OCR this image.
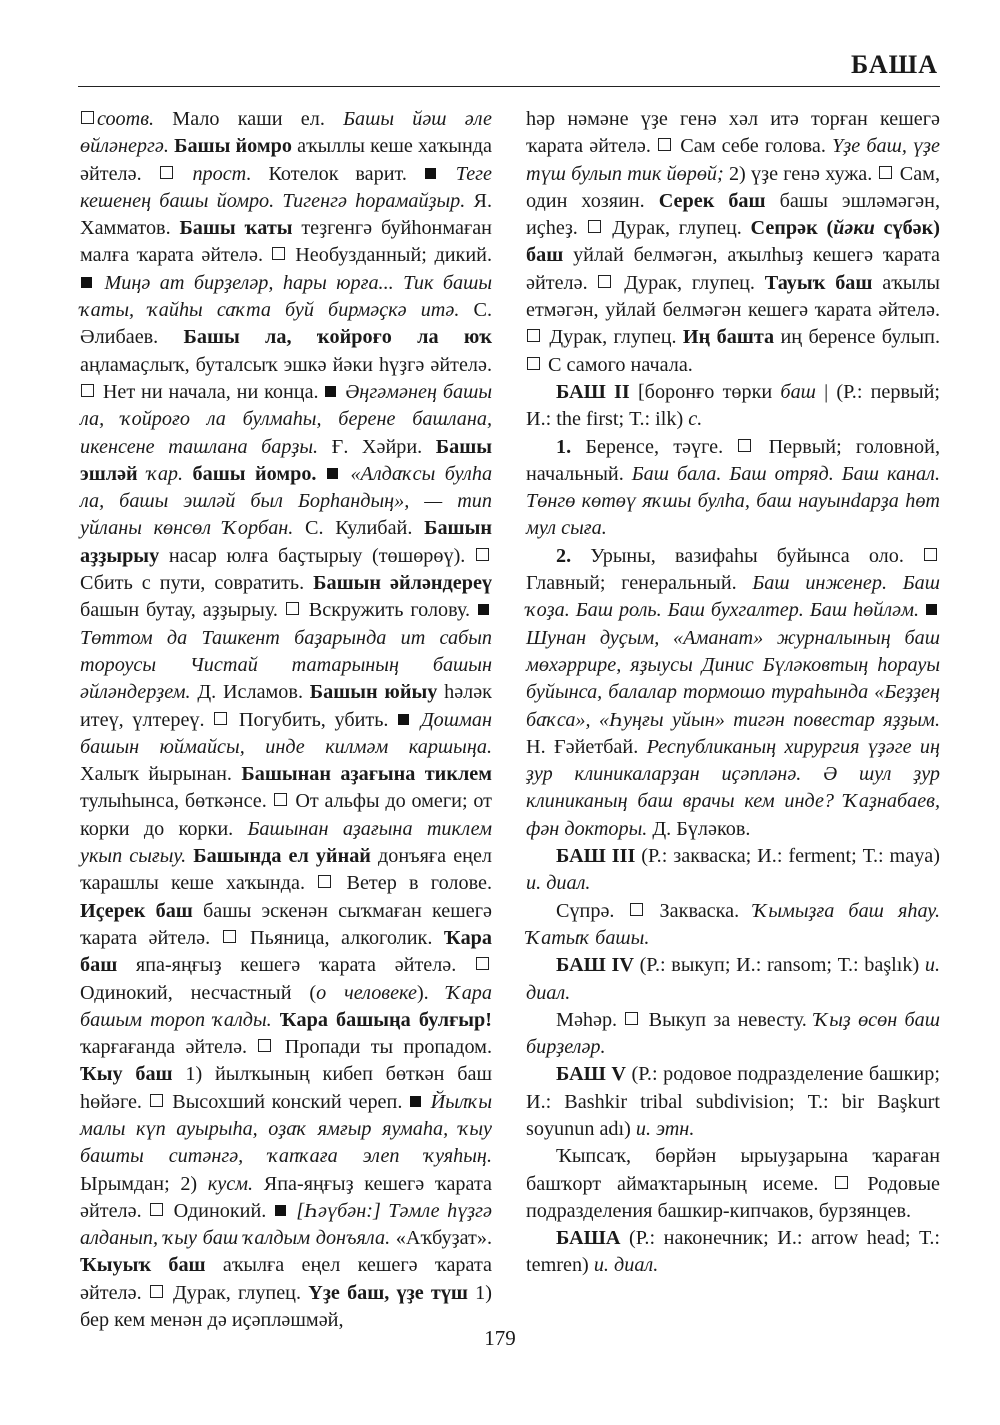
БАША

соотв. Мало каши ел. Башы йәш әле өйләнергә. Башы йомро аҡыллы кеше хаҡында әйтелә.  прост. Котелок варит.  Теге кешенең башы йомро. Тигенгә һорамайҙыр. Я. Хамматов. Башы ҡаты теҙгенгә буйһонмаған малға ҡарата әйтелә.  Необузданный; дикий.  Миңә ат бирҙеләр, һары юрға... Тик башы ҡаты, ҡайһы саҡта буй бирмәҫкә итә. С. Әлибаев. Башы ла, ҡойроғо ла юҡ аңламаҫлыҡ, буталсыҡ эшкә йәки һүҙгә әйтелә.  Нет ни начала, ни конца.  Әңгәмәнең башы ла, ҡойроғо ла булмаһы, берене башлана, икенсене ташлана барҙы. Ғ. Хәйри. Башы эшләй ҡар. башы йомро. «Алдаҡсы булһа ла, башы эшләй был Борһандың», — тип уйланы көнсөл Ҡорбан. С. Кулибай. Башын аҙҙырыу насар юлға баҫтырыу (төшөрөү).  Сбить с пути, совратить. Башын әйләндереү башын бутау, аҙҙырыу.  Вскружить голову.  Төттом да Ташкент баҙарында ит сабып тороусы Чистай татарының башын әйләндерҙем. Д. Исламов. Башын юйыу һәләк итеү, үлтереү.  Погубить, убить.  Дошман башын юймайсы, инде килмәм каршыңа. Халыҡ йырынан. Башынан аҙағына тиклем тулыһынса, бөткәнсе.  От альфы до омеги; от корки до корки. Башынан аҙағына тиклем укып сығыу. Башында ел уйнай донъяға еңел ҡарашлы кеше хаҡында.  Ветер в голове. Иҫерек баш башы эскенән сыҡмаған кешегә ҡарата әйтелә.  Пьяница, алкоголик. Ҡара баш япа-яңғыҙ кешегә ҡарата әйтелә.  Одинокий, несчастный (о человеке). Ҡара башым тороп ҡалды. Ҡара башыңа булғыр! ҡарғағанда әйтелә.  Пропади ты пропадом. Ҡыу баш 1) йылҡының кибеп бөткән баш һөйәге.  Высохший конский череп.  Йылҡы малы күп ауырыһа, оҙаҡ ямғыр яумаһа, ҡыу башты ситәнгә, ҡапҡаға элеп ҡуяһың. Ырымдан; 2) кусм. Япа-яңғыҙ кешегә ҡарата әйтелә.  Одинокий.  [Һәүбән:] Тәмле һүҙгә алданып, ҡыу баш ҡалдым донъяла. «Аҡбуҙат». Ҡыуыҡ баш аҡылға еңел кешегә ҡарата әйтелә.  Дурак, глупец. Үҙе баш, үҙе түш 1) бер кем менән дә иҫәпләшмәй,

һәр нәмәне үҙе генә хәл итә торған кешегә ҡарата әйтелә.  Сам себе голова. Үҙе баш, үҙе түш булып тик йөрөй; 2) үҙе генә хужа.  Сам, один хозяин. Серек баш башы эшләмәгән, иҫһеҙ.  Дурак, глупец. Сепрәк (йәки сүбәк) баш уйлай белмәгән, аҡылһыҙ кешегә ҡарата әйтелә.  Дурак, глупец. Тауыҡ баш аҡылы етмәгән, уйлай белмәгән кешегә ҡарата әйтелә.  Дурак, глупец. Иң башта иң беренсе булып.  С самого начала.

БАШ II [боронғо төрки баш | (Р.: первый; И.: the first; Т.: ilk) с.

1. Беренсе, тәүге.  Первый; головной, начальный. Баш бала. Баш отряд. Баш канал. Төнгө көтөү яҡшы булһа, баш науынdарҙа һөт мул сыға.

2. Урыны, вазифаһы буйынса оло.  Главный; генеральный. Баш инженер. Баш ҡоҙа. Баш роль. Баш бухгалтер. Баш һөйләм.  Шунан дуҫым, «Аманат» журналының баш мөхәррире, яҙыусы Динис Бүләковтың һорауы буйынса, балалар тормошо турaһында «Беҙҙең баҡса», «Һуңғы уйын» тигән повестар яҙҙым. Н. Ғәйетбай. Республиканың хирургия үҙәге иң ҙур клиникаларҙан иҫәпләнә. Ә шул ҙур клиниканың баш врачы кем инде? Ҡаҙнабаев, фән докторы. Д. Бүләков.

БАШ III (Р.: закваска; И.: ferment; Т.: maya) и. диал.

Сүпрә.  Закваска. Ҡымыҙға баш яһау. Ҡатыҡ башы.

БАШ IV (Р.: выкуп; И.: ransom; Т.: başlık) и. диал.

Мәһәр.  Выкуп за невесту. Ҡыҙ өсөн баш бирҙеләр.

БАШ V (Р.: родовое подразделение башкир; И.: Bashkir tribal subdivision; Т.: bir Başkurt soyunun adı) и. этн.

Ҡыпсаҡ, бөрйән ырыуҙарына ҡараған башҡорт аймаҡтарының исеме.  Родовые подразделения башкир-кипчаков, бурзянцев.

БАША (Р.: наконечник; И.: arrow head; Т.: temren) и. диал.

179
